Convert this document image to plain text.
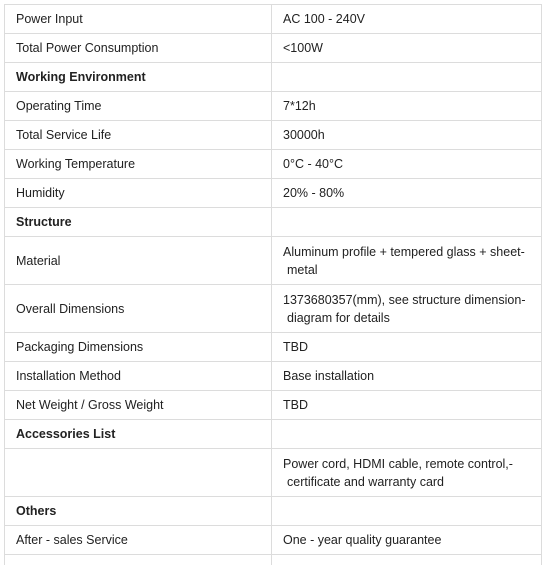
Power Input	AC 100 - 240V
Total Power Consumption	<100W
Working Environment	
Operating Time	7*12h
Total Service Life	30000h
Working Temperature	0°C - 40°C
Humidity	20% - 80%
Structure	
Material	Aluminum profile + tempered glass + sheet-metal

Overall Dimensions	1373680357(mm), see structure dimension-diagram for details

Packaging Dimensions	TBD
Installation Method	Base installation
Net Weight / Gross Weight	TBD
Accessories List	

	Power cord, HDMI cable, remote control,-certificate and warranty card

Others	
After - sales Service	One - year quality guarantee
